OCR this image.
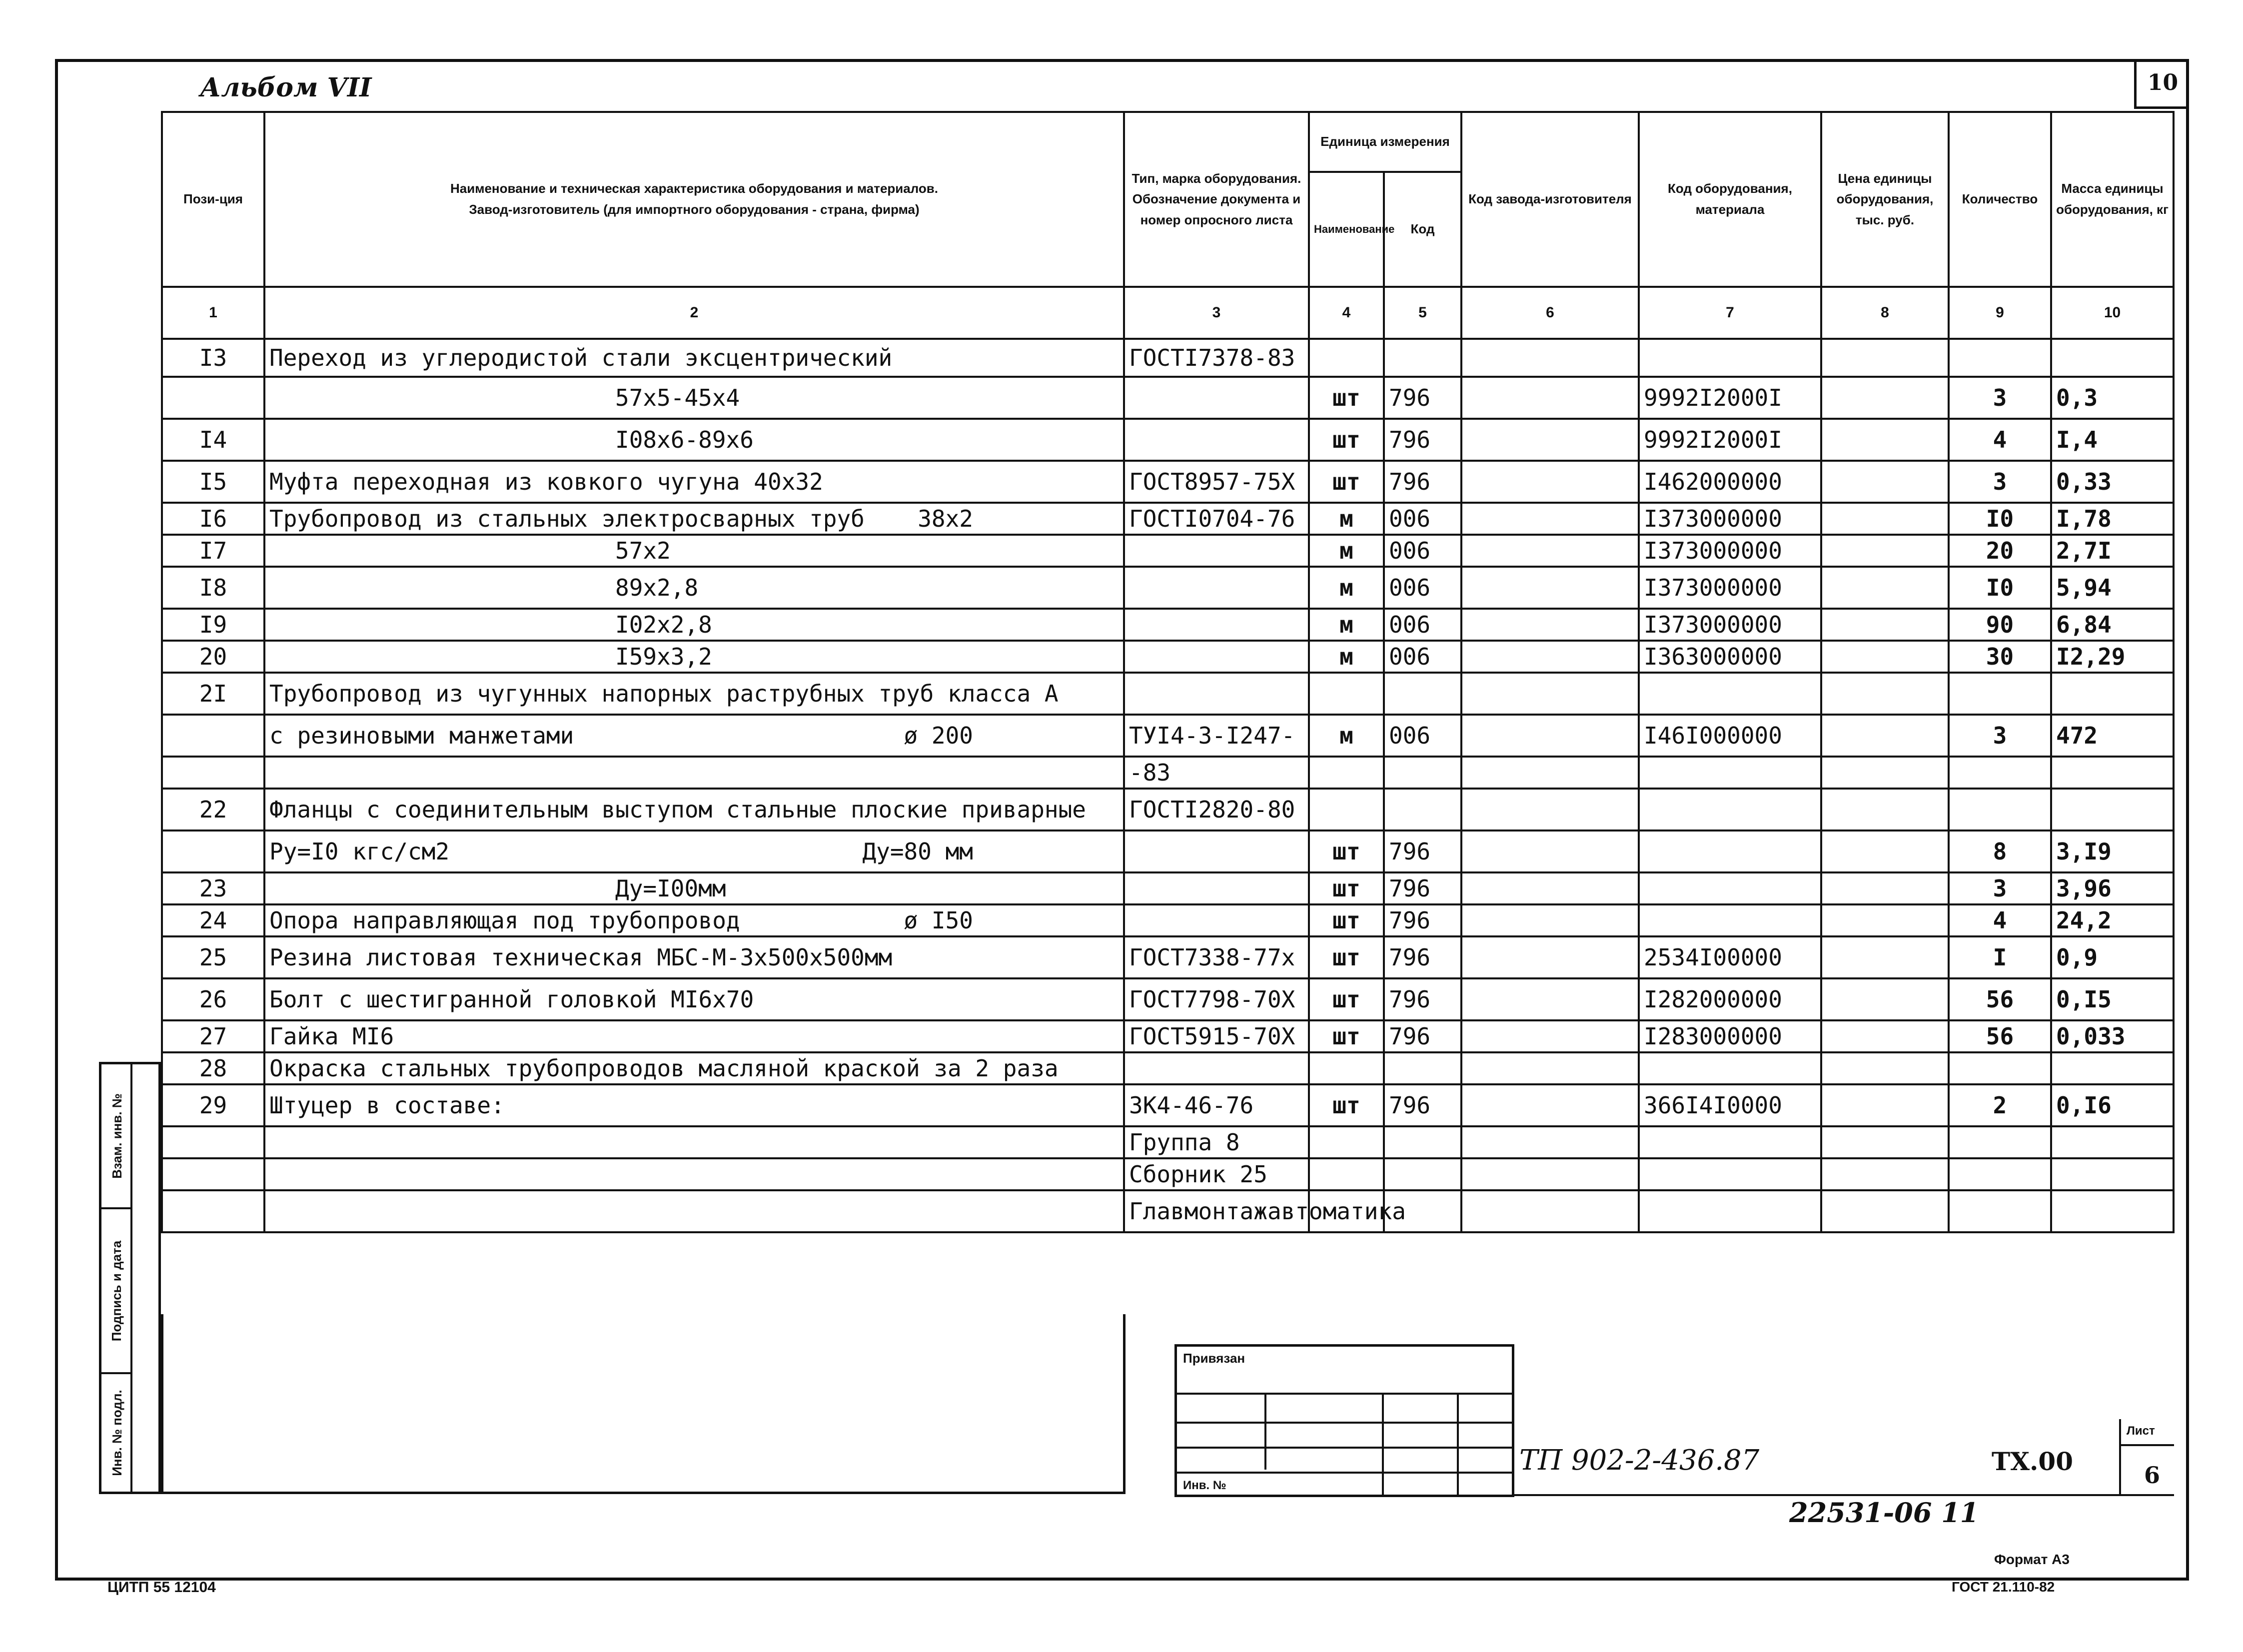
10
Альбом VII
Пози-ция	Наименование и техническая характеристика оборудования и материалов.
Завод-изготовитель (для импортного оборудования - страна, фирма)	Тип, марка оборудования. Обозначение документа и номер опросного листа	Единица измерения		Код завода-изготовителя	Код оборудования, материала	Цена единицы оборудования, тыс. руб.	Количество	Масса единицы оборудования, кг
			Наименование	Код					
1	2	3	4	5	6	7	8	9	10
I3	Переход из углеродистой стали эксцентрический	ГОСТI7378-83							

	57х5-45х4		шт	796		9992I2000I		3	0,3
I4	I08х6-89х6		шт	796		9992I2000I		4	I,4
I5	Муфта переходная из ковкого чугуна 40х32	ГОСТ8957-75Х	шт	796		I462000000		3	0,33
I6	Трубопровод из стальных электросварных труб 38х2	ГОСТI0704-76	м	006		I373000000		I0	I,78
I7	57х2		м	006		I373000000		20	2,7I
I8	89х2,8		м	006		I373000000		I0	5,94
I9	I02х2,8		м	006		I373000000		90	6,84
20	I59х3,2		м	006		I363000000		30	I2,29
2I	Трубопровод из чугунных напорных раструбных труб класса А

	с резиновыми манжетами ø 200	ТУI4-3-I247-	м	006		I46I000000		3	472

	-83							
22	Фланцы с соединительным выступом стальные плоские приварные	ГОСТI2820-80							
	Ру=I0 кгс/см2 Ду=80 мм		шт	796				8	3,I9
23	Ду=I00мм		шт	796				3	3,96
24	Опора направляющая под трубопровод ø I50		шт	796				4	24,2
25	Резина листовая техническая МБС-М-3х500х500мм	ГОСТ7338-77х	шт	796		2534I00000		I	0,9
26	Болт с шестигранной головкой МI6х70	ГОСТ7798-70Х	шт	796		I282000000		56	0,I5
27	Гайка МI6	ГОСТ5915-70Х	шт	796		I283000000		56	0,033
28	Окраска стальных трубопроводов масляной краской за 2 раза

29	Штуцер в составе:	ЗК4-46-76	шт	796		366I4I0000		2	0,I6

	Группа 8							

	Сборник 25							

	Главмонтажавтоматика							
Привязан
Инв. №
ТП 902-2-436.87	ТХ.00
Лист
6
22531-06 11
Формат А3
ГОСТ 21.110-82
ЦИТП 55 12104
Взам. инв. №
Подпись и дата
Инв. № подл.
